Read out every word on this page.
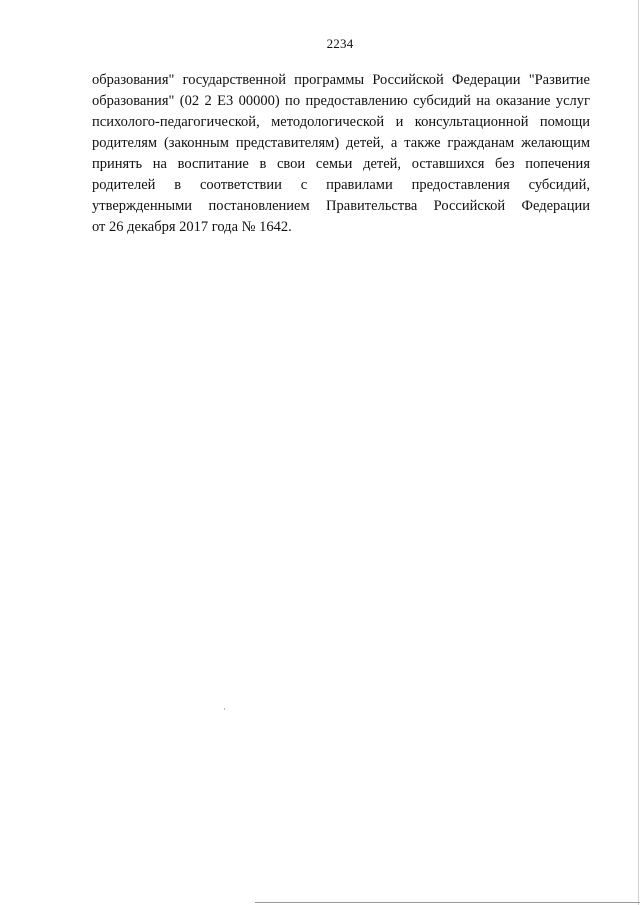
2234
образования" государственной программы Российской Федерации "Развитие
образования" (02 2 Е3 00000) по предоставлению субсидий на оказание услуг
психолого-педагогической, методологической и консультационной помощи
родителям (законным представителям) детей, а также гражданам желающим
принять на воспитание в свои семьи детей, оставшихся без попечения
родителей в соответствии с правилами предоставления субсидий,
утвержденными постановлением Правительства Российской Федерации
от 26 декабря 2017 года № 1642.
